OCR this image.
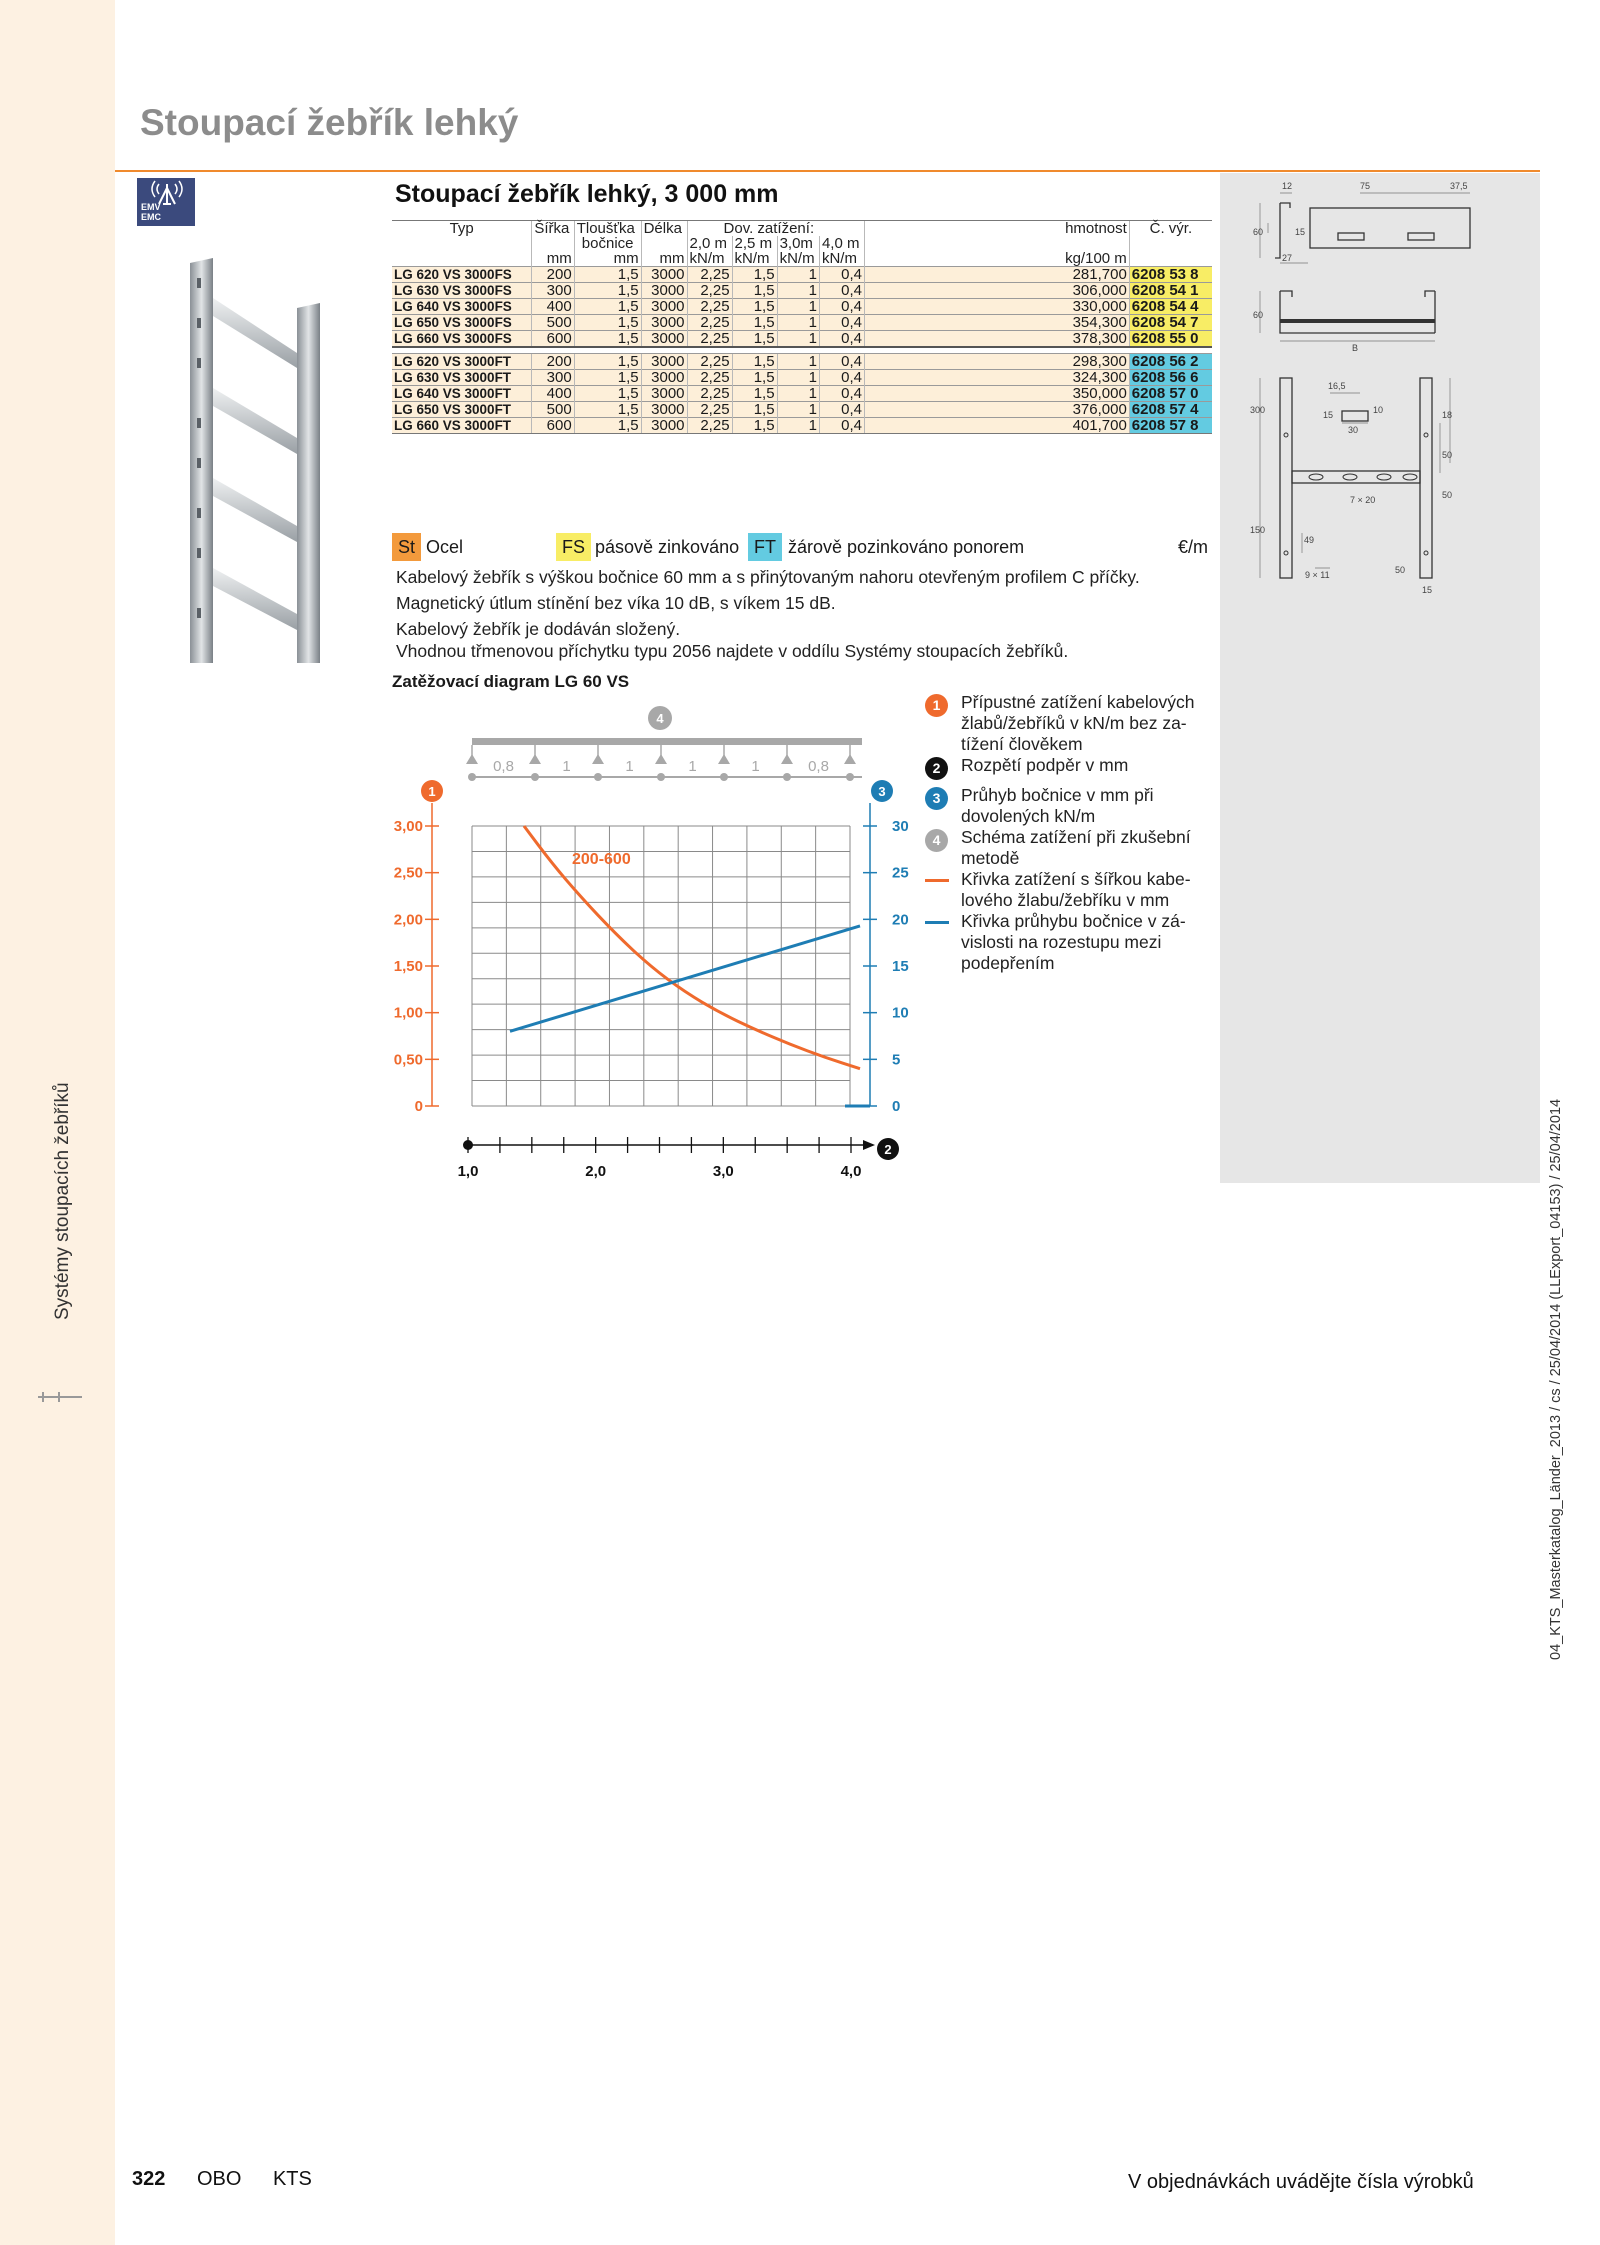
Systémy stoupacích žebříků
Stoupací žebřík lehký
EMV
EMC
12	75	37,5
60	15
27
60
B
16,5
30
15	10	18
300
50
7 × 20	50
150
49
9 × 11	50
15
Stoupací žebřík lehký, 3 000 mm
Typ	Šířka	Tloušťka	Délka	Dov. zatížení:				hmotnost	Č. výr.
		bočnice		2,0 m	2,5 m	3,0m	4,0 m		
	mm	mm	mm	kN/m	kN/m	kN/m	kN/m	kg/100 m	
LG 620 VS 3000FS	200	1,5	3000	2,25	1,5	1	0,4	281,700	6208 53 8
LG 630 VS 3000FS	300	1,5	3000	2,25	1,5	1	0,4	306,000	6208 54 1
LG 640 VS 3000FS	400	1,5	3000	2,25	1,5	1	0,4	330,000	6208 54 4
LG 650 VS 3000FS	500	1,5	3000	2,25	1,5	1	0,4	354,300	6208 54 7
LG 660 VS 3000FS	600	1,5	3000	2,25	1,5	1	0,4	378,300	6208 55 0

LG 620 VS 3000FT	200	1,5	3000	2,25	1,5	1	0,4	298,300	6208 56 2
LG 630 VS 3000FT	300	1,5	3000	2,25	1,5	1	0,4	324,300	6208 56 6
LG 640 VS 3000FT	400	1,5	3000	2,25	1,5	1	0,4	350,000	6208 57 0
LG 650 VS 3000FT	500	1,5	3000	2,25	1,5	1	0,4	376,000	6208 57 4
LG 660 VS 3000FT	600	1,5	3000	2,25	1,5	1	0,4	401,700	6208 57 8
St Ocel	FS pásově zinkováno FT žárově pozinkováno ponorem	€/m

Kabelový žebřík s výškou bočnice 60 mm a s přinýtovaným nahoru otevřeným profilem C příčky.

Magnetický útlum stínění bez víka 10 dB, s víkem 15 dB.

Kabelový žebřík je dodáván složený.

Vhodnou třmenovou příchytku typu 2056 najdete v oddílu Systémy stoupacích žebříků.

Zatěžovací diagram LG 60 VS
4
0,8	1	1	1	1	0,8
1	3
0
0,50
1,00
1,50
2,00
2,50
3,00
0
5
10
15
20
25
30
1,0	2,0	3,0	4,0
200-600
2
1	Přípustné zatížení kabelových žlabů/žebříků v kN/m bez za-tížení člověkem
2	Rozpětí podpěr v mm
3	Průhyb bočnice v mm při dovolených kN/m
4	Schéma zatížení při zkušební metodě
Křivka zatížení s šířkou kabe-lového žlabu/žebříku v mm
Křivka průhybu bočnice v zá-vislosti na rozestupu mezi podepřením
04_KTS_Masterkatalog_Länder_2013 / cs / 25/04/2014 (LLExport_04153) / 25/04/2014
322 OBO KTS	V objednávkách uvádějte čísla výrobků
